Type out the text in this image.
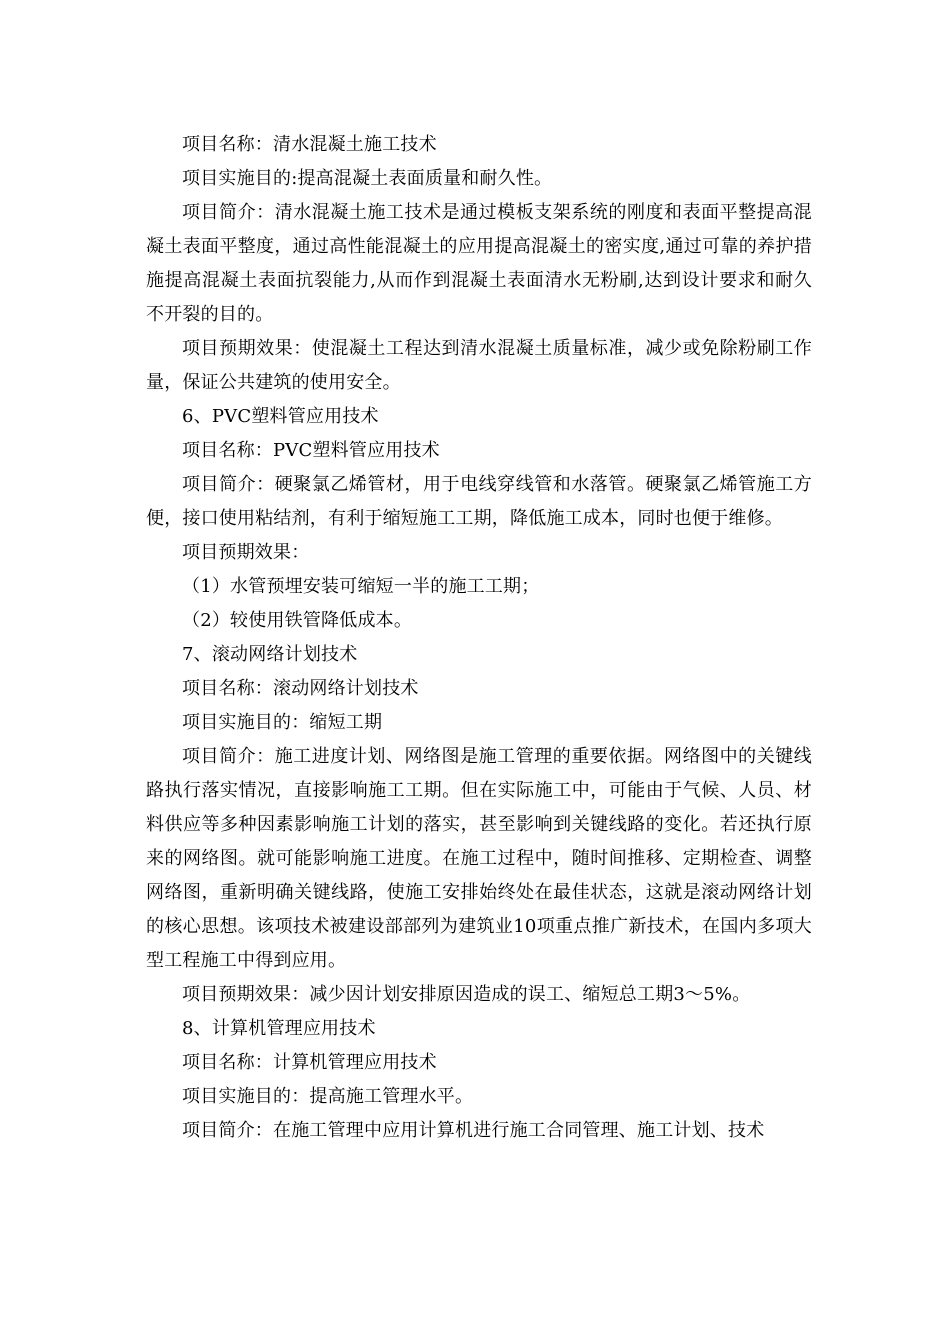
项目名称：清水混凝土施工技术

项目实施目的:提高混凝土表面质量和耐久性。

项目简介：清水混凝土施工技术是通过模板支架系统的刚度和表面平整提高混凝土表面平整度，通过高性能混凝土的应用提高混凝土的密实度,通过可靠的养护措施提高混凝土表面抗裂能力,从而作到混凝土表面清水无粉刷,达到设计要求和耐久不开裂的目的。

项目预期效果：使混凝土工程达到清水混凝土质量标准，减少或免除粉刷工作量，保证公共建筑的使用安全。

6、PVC塑料管应用技术

项目名称：PVC塑料管应用技术

项目简介：硬聚氯乙烯管材，用于电线穿线管和水落管。硬聚氯乙烯管施工方便，接口使用粘结剂，有利于缩短施工工期，降低施工成本，同时也便于维修。

项目预期效果：

（1）水管预埋安装可缩短一半的施工工期；

（2）较使用铁管降低成本。

7、滚动网络计划技术

项目名称：滚动网络计划技术

项目实施目的：缩短工期

项目简介：施工进度计划、网络图是施工管理的重要依据。网络图中的关键线路执行落实情况，直接影响施工工期。但在实际施工中，可能由于气候、人员、材料供应等多种因素影响施工计划的落实，甚至影响到关键线路的变化。若还执行原来的网络图。就可能影响施工进度。在施工过程中，随时间推移、定期检查、调整网络图，重新明确关键线路，使施工安排始终处在最佳状态，这就是滚动网络计划的核心思想。该项技术被建设部部列为建筑业10项重点推广新技术，在国内多项大型工程施工中得到应用。

项目预期效果：减少因计划安排原因造成的误工、缩短总工期3～5%。

8、计算机管理应用技术

项目名称：计算机管理应用技术

项目实施目的：提高施工管理水平。

项目简介：在施工管理中应用计算机进行施工合同管理、施工计划、技术
